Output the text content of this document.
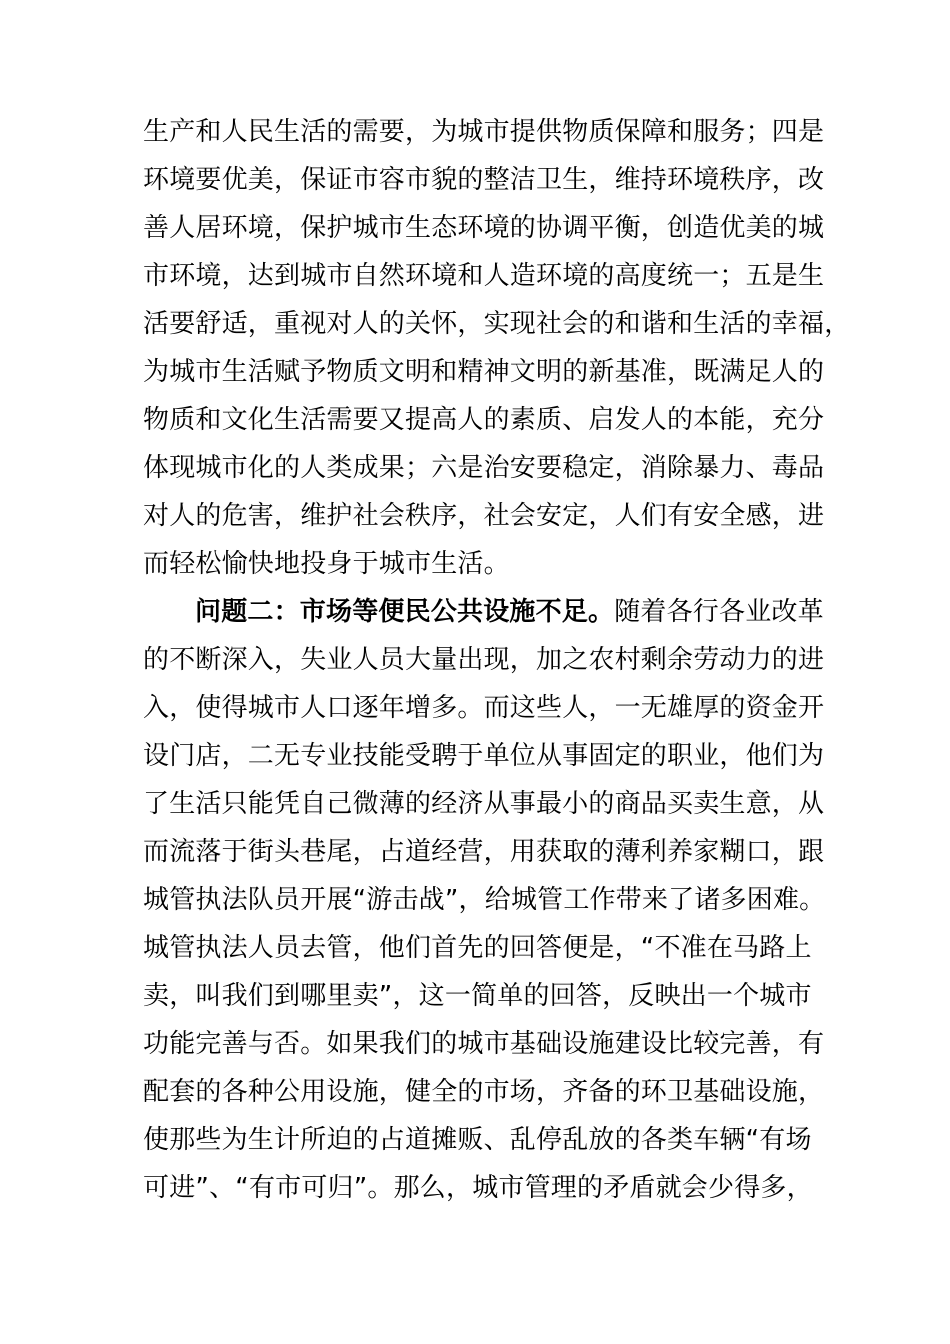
生产和人民生活的需要，为城市提供物质保障和服务；四是
环境要优美，保证市容市貌的整洁卫生，维持环境秩序，改
善人居环境，保护城市生态环境的协调平衡，创造优美的城
市环境，达到城市自然环境和人造环境的高度统一；五是生
活要舒适，重视对人的关怀，实现社会的和谐和生活的幸福，
为城市生活赋予物质文明和精神文明的新基准，既满足人的
物质和文化生活需要又提高人的素质、启发人的本能，充分
体现城市化的人类成果；六是治安要稳定，消除暴力、毒品
对人的危害，维护社会秩序，社会安定，人们有安全感，进
而轻松愉快地投身于城市生活。
问题二：市场等便民公共设施不足。随着各行各业改革
的不断深入，失业人员大量出现，加之农村剩余劳动力的进
入，使得城市人口逐年增多。而这些人，一无雄厚的资金开
设门店，二无专业技能受聘于单位从事固定的职业，他们为
了生活只能凭自己微薄的经济从事最小的商品买卖生意，从
而流落于街头巷尾，占道经营，用获取的薄利养家糊口，跟
城管执法队员开展“游击战”，给城管工作带来了诸多困难。
城管执法人员去管，他们首先的回答便是，“不准在马路上
卖，叫我们到哪里卖”，这一简单的回答，反映出一个城市
功能完善与否。如果我们的城市基础设施建设比较完善，有
配套的各种公用设施，健全的市场，齐备的环卫基础设施，
使那些为生计所迫的占道摊贩、乱停乱放的各类车辆“有场
可进”、“有市可归”。那么，城市管理的矛盾就会少得多，
